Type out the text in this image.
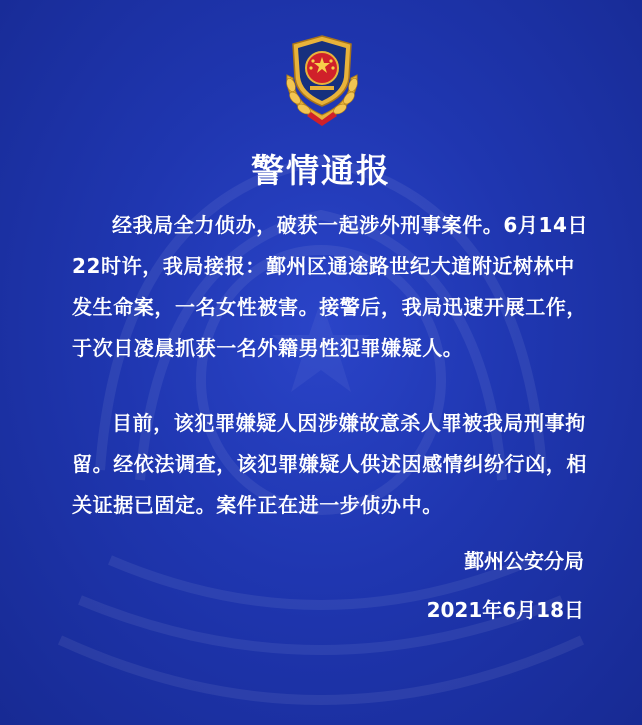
警情通报

经我局全力侦办，破获一起涉外刑事案件。6月14日22时许，我局接报：鄞州区通途路世纪大道附近树林中发生命案，一名女性被害。接警后，我局迅速开展工作，于次日凌晨抓获一名外籍男性犯罪嫌疑人。

目前，该犯罪嫌疑人因涉嫌故意杀人罪被我局刑事拘留。经依法调查，该犯罪嫌疑人供述因感情纠纷行凶，相关证据已固定。案件正在进一步侦办中。

鄞州公安分局
2021年6月18日
